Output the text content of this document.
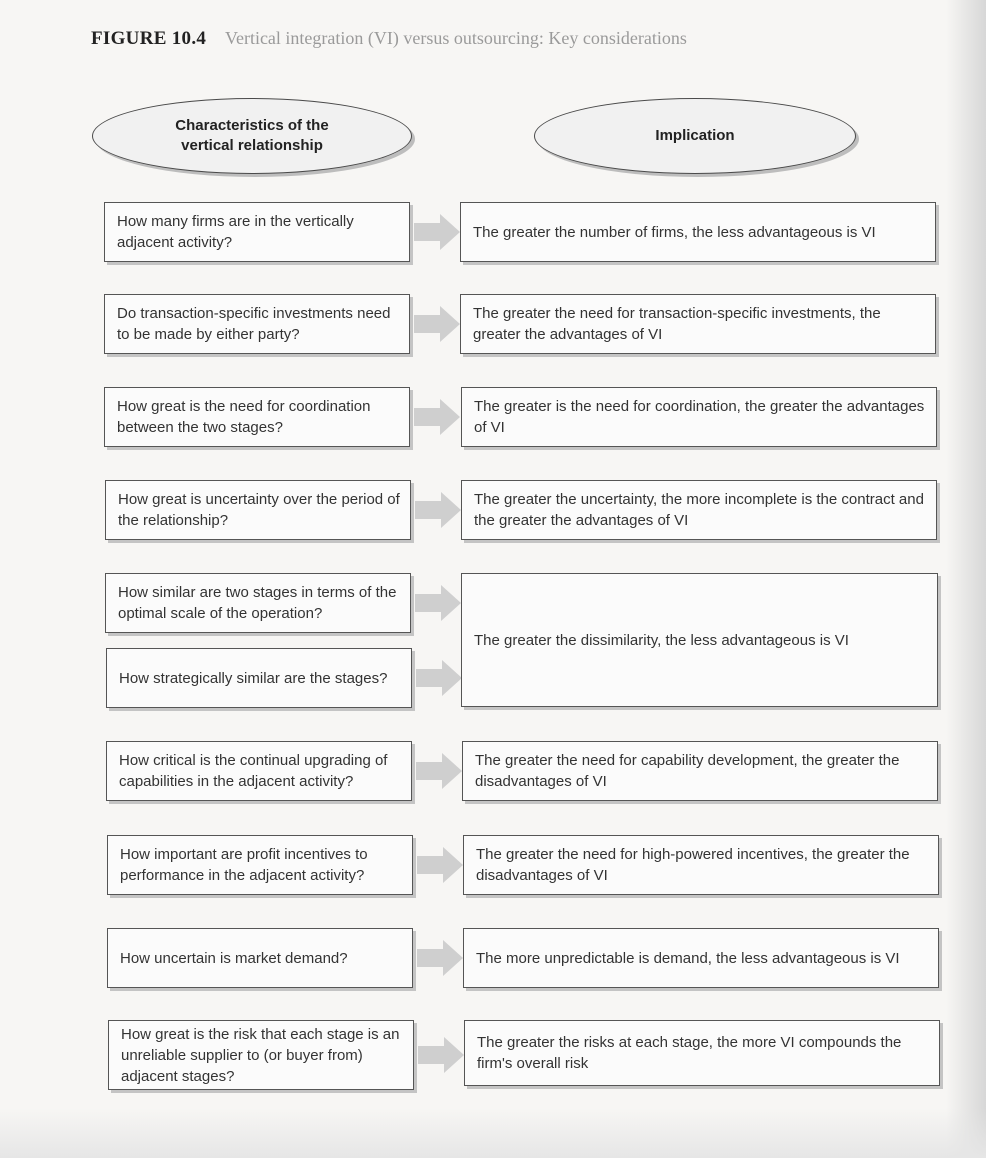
FIGURE 10.4 Vertical integration (VI) versus outsourcing: Key considerations
Characteristics of the vertical relationship
Implication
How many firms are in the vertically adjacent activity?
Do transaction-specific investments need to be made by either party?
How great is the need for coordination between the two stages?
How great is uncertainty over the period of the relationship?
How similar are two stages in terms of the optimal scale of the operation?
How strategically similar are the stages?
How critical is the continual upgrading of capabilities in the adjacent activity?
How important are profit incentives to performance in the adjacent activity?
How uncertain is market demand?
How great is the risk that each stage is an unreliable supplier to (or buyer from) adjacent stages?
The greater the number of firms, the less advantageous is VI
The greater the need for transaction-specific investments, the greater the advantages of VI
The greater is the need for coordination, the greater the advantages of VI
The greater the uncertainty, the more incomplete is the contract and the greater the advantages of VI
The greater the dissimilarity, the less advantageous is VI
The greater the need for capability development, the greater the disadvantages of VI
The greater the need for high-powered incentives, the greater the disadvantages of VI
The more unpredictable is demand, the less advantageous is VI
The greater the risks at each stage, the more VI compounds the firm's overall risk
